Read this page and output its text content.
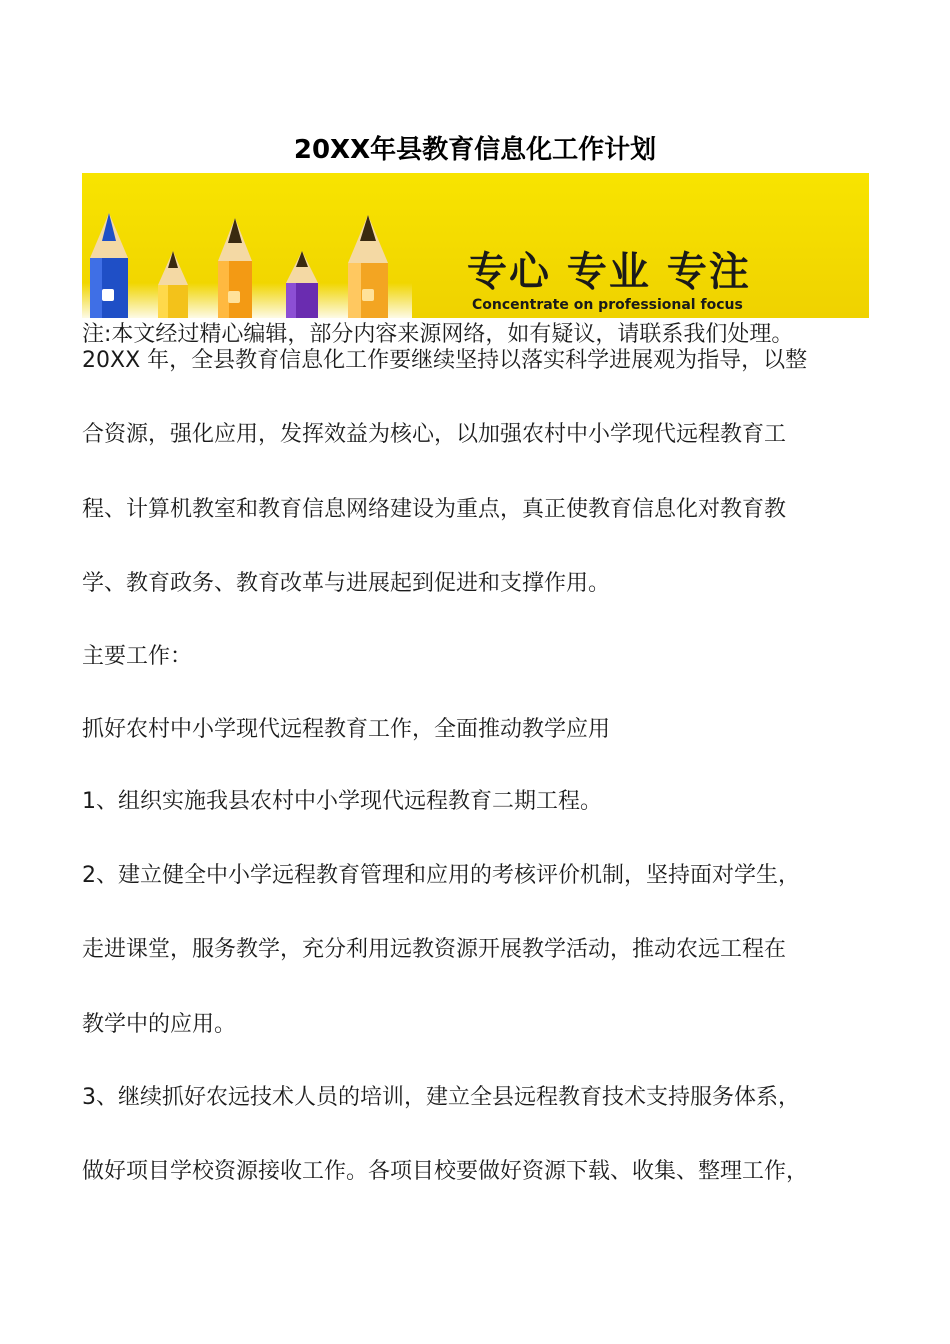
20XX年县教育信息化工作计划
专心 专业 专注
Concentrate on professional focus
注:本文经过精心编辑，部分内容来源网络，如有疑议，请联系我们处理。
20XX 年，全县教育信息化工作要继续坚持以落实科学进展观为指导，以整
合资源，强化应用，发挥效益为核心，以加强农村中小学现代远程教育工
程、计算机教室和教育信息网络建设为重点，真正使教育信息化对教育教
学、教育政务、教育改革与进展起到促进和支撑作用。
主要工作：
抓好农村中小学现代远程教育工作，全面推动教学应用
1、组织实施我县农村中小学现代远程教育二期工程。
2、建立健全中小学远程教育管理和应用的考核评价机制，坚持面对学生，
走进课堂，服务教学，充分利用远教资源开展教学活动，推动农远工程在
教学中的应用。
3、继续抓好农远技术人员的培训，建立全县远程教育技术支持服务体系，
做好项目学校资源接收工作。各项目校要做好资源下载、收集、整理工作，
